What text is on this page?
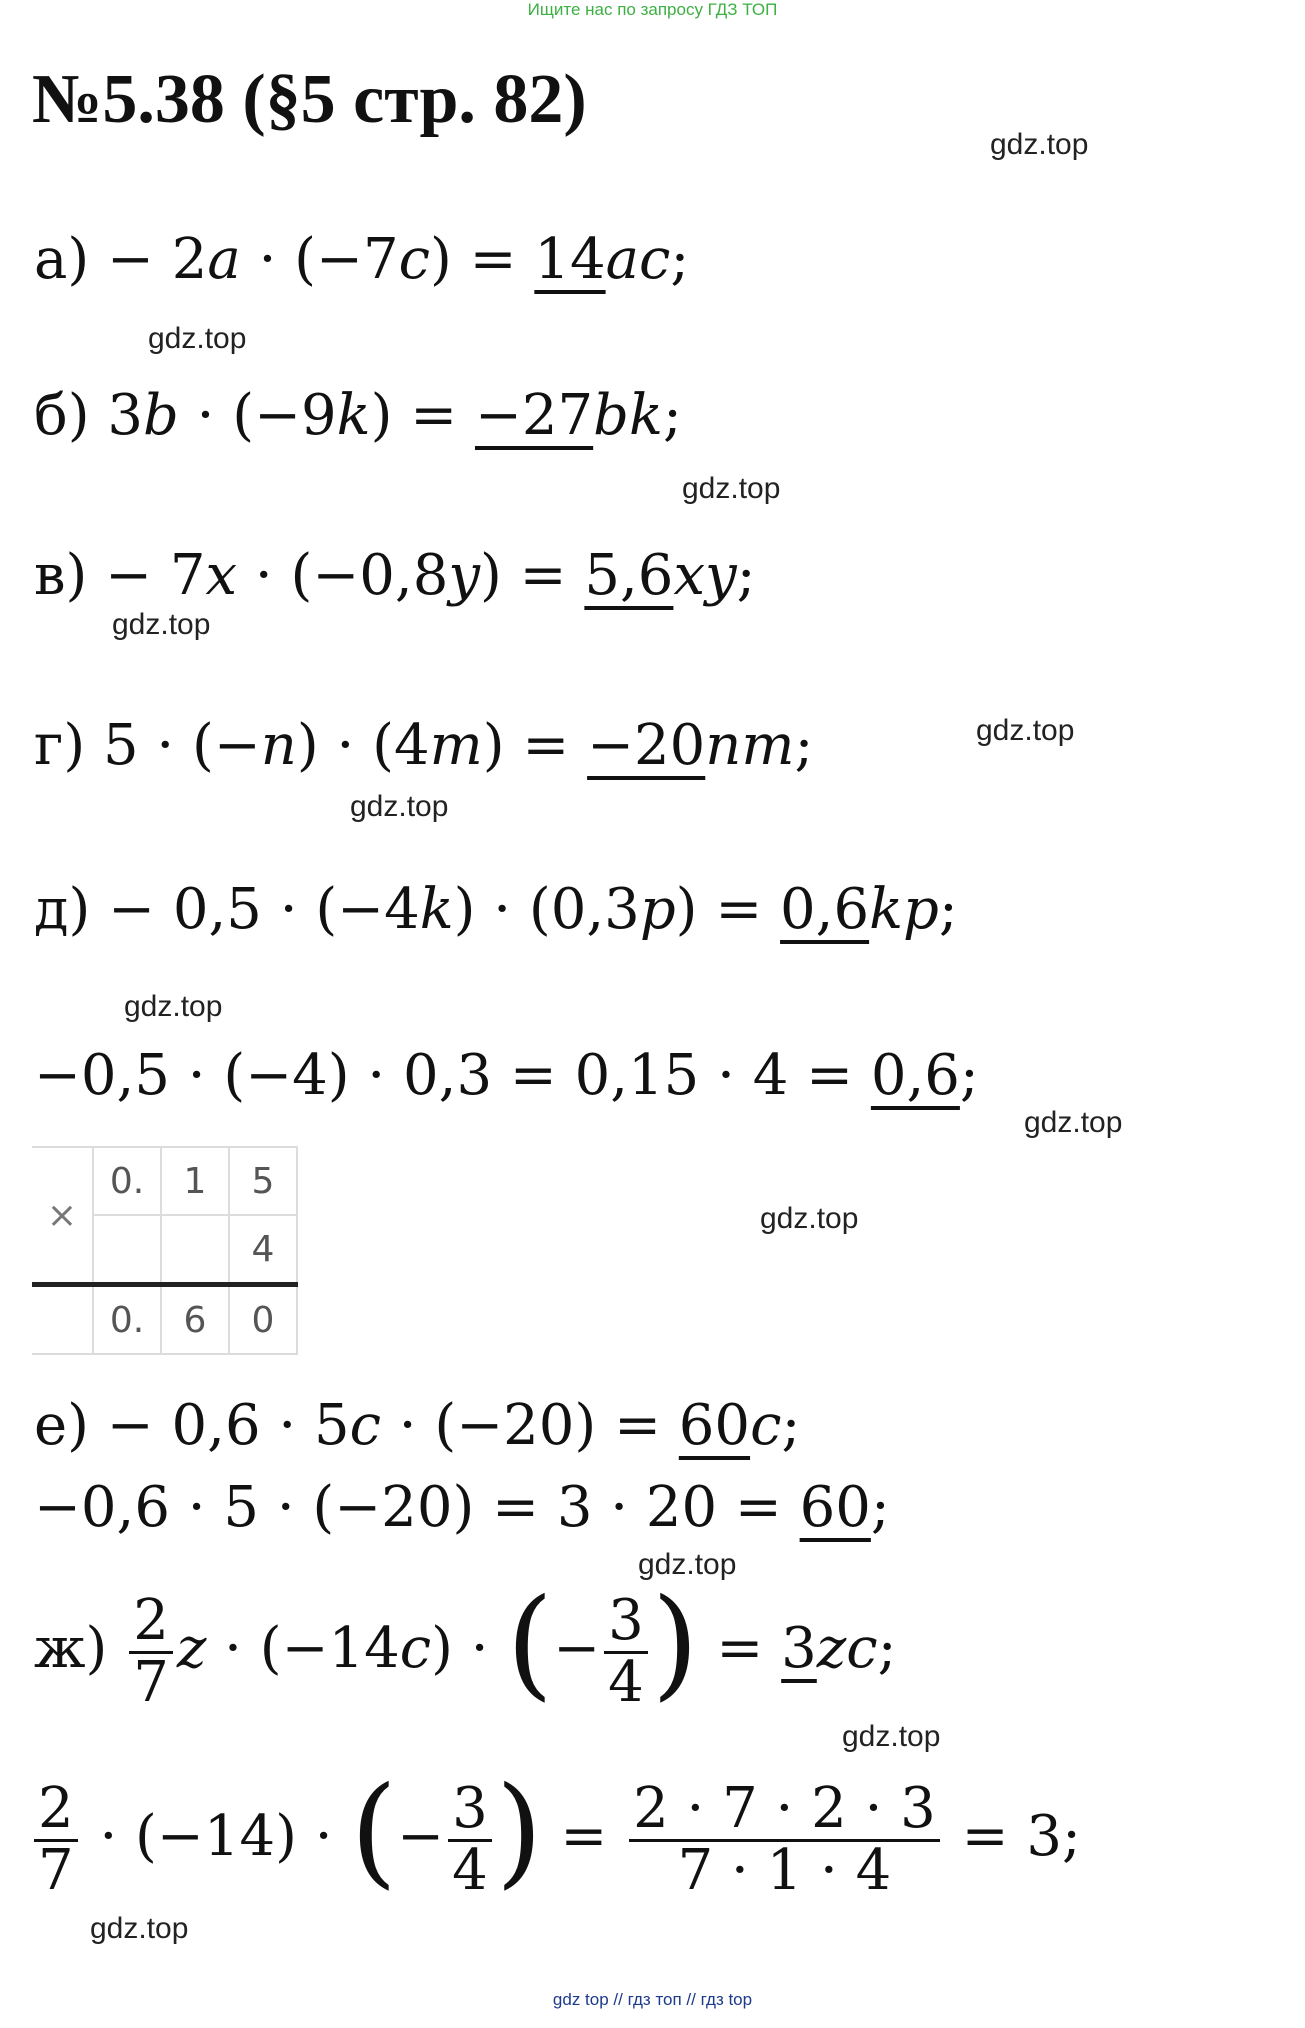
Ищите нас по запросу ГДЗ ТОП
№5.38 (§5 стр. 82)
gdz.top
gdz.top
gdz.top
gdz.top
gdz.top
gdz.top
gdz.top
gdz.top
gdz.top
gdz.top
gdz.top
а) − 2a · (−7c) = 14ac;
б) 3b · (−9k) = −27bk;
в) − 7x · (−0,8y) = 5,6xy;
г) 5 · (−n) · (4m) = −20nm;
д) − 0,5 · (−4k) · (0,3p) = 0,6kp;
−0,5 · (−4) · 0,3 = 0,15 · 4 = 0,6;
×	0.	1	5
			4
	0.	6	0
е) − 0,6 · 5c · (−20) = 60c;
−0,6 · 5 · (−20) = 3 · 20 = 60;
$ж) \frac{2}{7}$ z · (−14c) · (− $\frac{3}{4}$ ) = 3zc;
$\frac{2}{7} \cdot (-14)$ · (− $\frac{3}{4}$ ) = $\frac{2 \cdot 7 \cdot 2 \cdot 3}{7 \cdot 1 \cdot 4} = 3$;
gdz.top
gdz top // гдз топ // гдз top
